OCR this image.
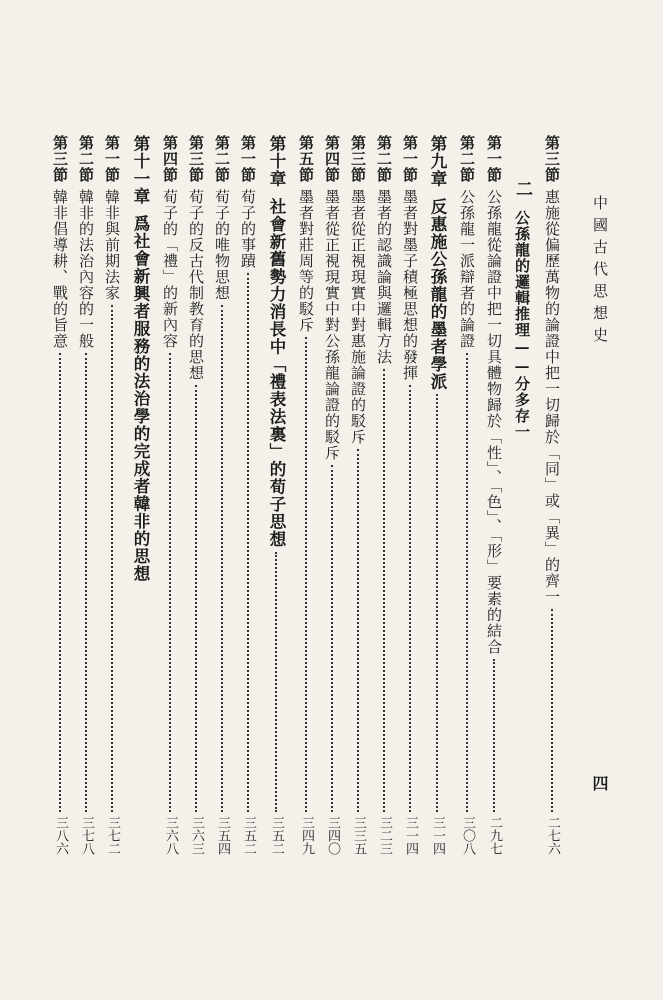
中國古代思想史
四
第三節
惠施從偏歷萬物的論證中把一切歸於「同」或「異」的齊一
二七六
二
公孫龍的邏輯推理——分多存一
第一節
公孫龍從論證中把一切具體物歸於「性」、「色」、「形」要素的結合
二九七
第二節
公孫龍一派辯者的論證
三〇八
第九章
反惠施公孫龍的墨者學派
三一四
第一節
墨者對墨子積極思想的發揮
三一四
第二節
墨者的認識論與邏輯方法
三二三
第三節
墨者從正視現實中對惠施論證的駁斥
三三五
第四節
墨者從正視現實中對公孫龍論證的駁斥
三四〇
第五節
墨者對莊周等的駁斥
三四九
第十章
社會新舊勢力消長中「禮表法裏」的荀子思想
三五二
第一節
荀子的事蹟
三五二
第二節
荀子的唯物思想
三五四
第三節
荀子的反古代制教育的思想
三六三
第四節
荀子的「禮」的新內容
三六八
第十一章
爲社會新興者服務的法治學的完成者韓非的思想
第一節
韓非與前期法家
三七二
第二節
韓非的法治內容的一般
三七八
第三節
韓非倡導耕、戰的旨意
三八六
